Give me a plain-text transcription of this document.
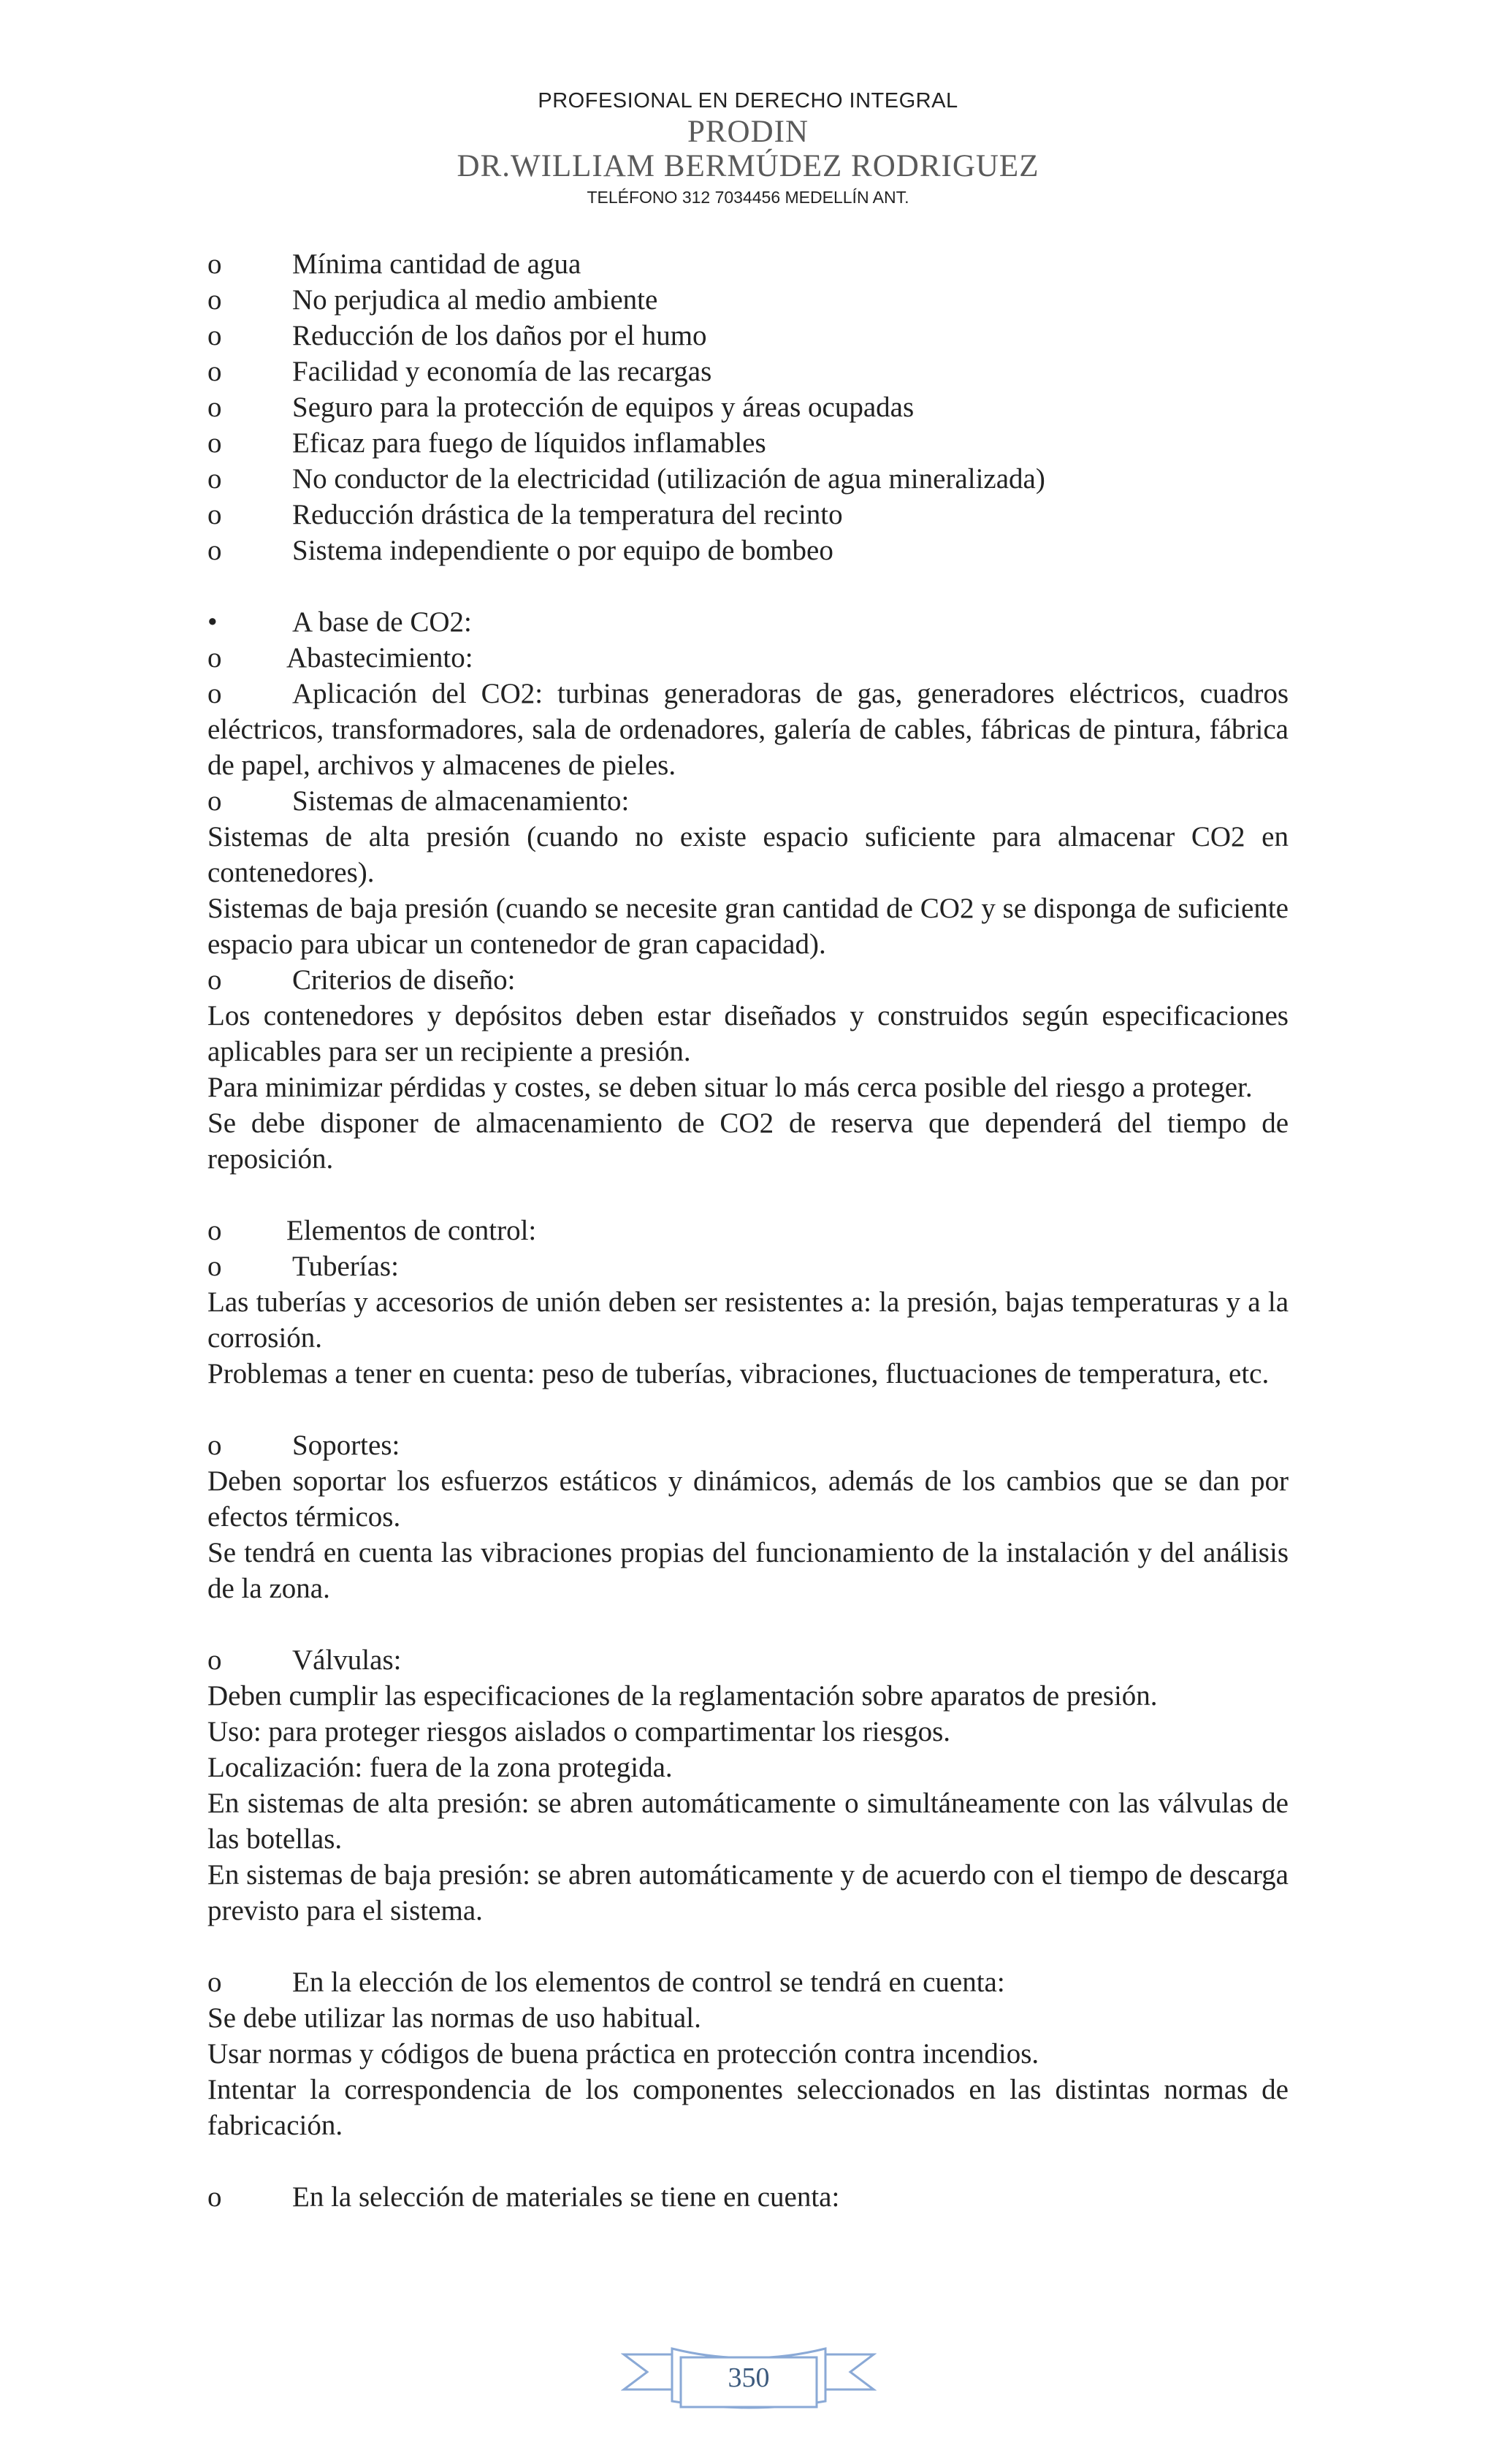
PROFESIONAL EN DERECHO INTEGRAL
PRODIN
DR.WILLIAM BERMÚDEZ RODRIGUEZ
TELÉFONO 312 7034456 MEDELLÍN ANT.
o	Mínima cantidad de agua
o	No perjudica al medio ambiente
o	Reducción de los daños por el humo
o	Facilidad y economía de las recargas
o	Seguro para la protección de equipos y áreas ocupadas
o	Eficaz para fuego de líquidos inflamables
o	No conductor de la electricidad (utilización de agua mineralizada)
o	Reducción drástica de la temperatura del recinto
o	Sistema independiente o por equipo de bombeo
•	A base de CO2:
o	Abastecimiento:
o Aplicación del CO2: turbinas generadoras de gas, generadores eléctricos, cuadros eléctricos, transformadores, sala de ordenadores, galería de cables, fábricas de pintura, fábrica de papel, archivos y almacenes de pieles.
o	Sistemas de almacenamiento:
Sistemas de alta presión (cuando no existe espacio suficiente para almacenar CO2 en contenedores).
Sistemas de baja presión (cuando se necesite gran cantidad de CO2 y se disponga de suficiente espacio para ubicar un contenedor de gran capacidad).
o	Criterios de diseño:
Los contenedores y depósitos deben estar diseñados y construidos según especificaciones aplicables para ser un recipiente a presión.
Para minimizar pérdidas y costes, se deben situar lo más cerca posible del riesgo a proteger.
Se debe disponer de almacenamiento de CO2 de reserva que dependerá del tiempo de reposición.
o	Elementos de control:
o	Tuberías:
Las tuberías y accesorios de unión deben ser resistentes a: la presión, bajas temperaturas y a la corrosión.
Problemas a tener en cuenta: peso de tuberías, vibraciones, fluctuaciones de temperatura, etc.
o	Soportes:
Deben soportar los esfuerzos estáticos y dinámicos, además de los cambios que se dan por efectos térmicos.
Se tendrá en cuenta las vibraciones propias del funcionamiento de la instalación y del análisis de la zona.
o	Válvulas:
Deben cumplir las especificaciones de la reglamentación sobre aparatos de presión.
Uso: para proteger riesgos aislados o compartimentar los riesgos.
Localización: fuera de la zona protegida.
En sistemas de alta presión: se abren automáticamente o simultáneamente con las válvulas de las botellas.
En sistemas de baja presión: se abren automáticamente y de acuerdo con el tiempo de descarga previsto para el sistema.
o	En la elección de los elementos de control se tendrá en cuenta:
Se debe utilizar las normas de uso habitual.
Usar normas y códigos de buena práctica en protección contra incendios.
Intentar la correspondencia de los componentes seleccionados en las distintas normas de fabricación.
o	En la selección de materiales se tiene en cuenta:
350
